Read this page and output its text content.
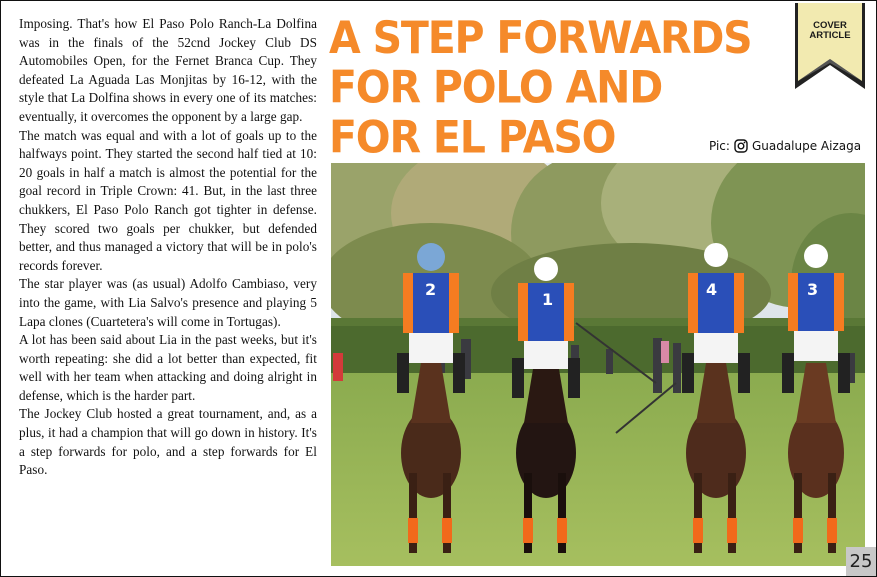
Imposing. That's how El Paso Polo Ranch-La Dolfina was in the finals of the 52cnd Jockey Club DS Automobiles Open, for the Fernet Branca Cup. They defeated La Aguada Las Monjitas by 16-12, with the style that La Dolfina shows in every one of its matches: eventually, it overcomes the opponent by a large gap.

The match was equal and with a lot of goals up to the halfways point. They started the second half tied at 10: 20 goals in half a match is almost the potential for the goal record in Triple Crown: 41. But, in the last three chukkers, El Paso Polo Ranch got tighter in defense. They scored two goals per chukker, but defended better, and thus managed a victory that will be in polo's records forever.

The star player was (as usual) Adolfo Cambiaso, very into the game, with Lia Salvo's presence and playing 5 Lapa clones (Cuartetera's will come in Tortugas).

A lot has been said about Lia in the past weeks, but it's worth repeating: she did a lot better than expected, fit well with her team when attacking and doing alright in defense, which is the harder part.

The Jockey Club hosted a great tournament, and, as a plus, it had a champion that will go down in history. It's a step forwards for polo, and a step forwards for El Paso.

A STEP FORWARDS
FOR POLO AND
FOR EL PASO
COVER
ARTICLE
Pic: Guadalupe Aizaga
2
1
4	3
25
